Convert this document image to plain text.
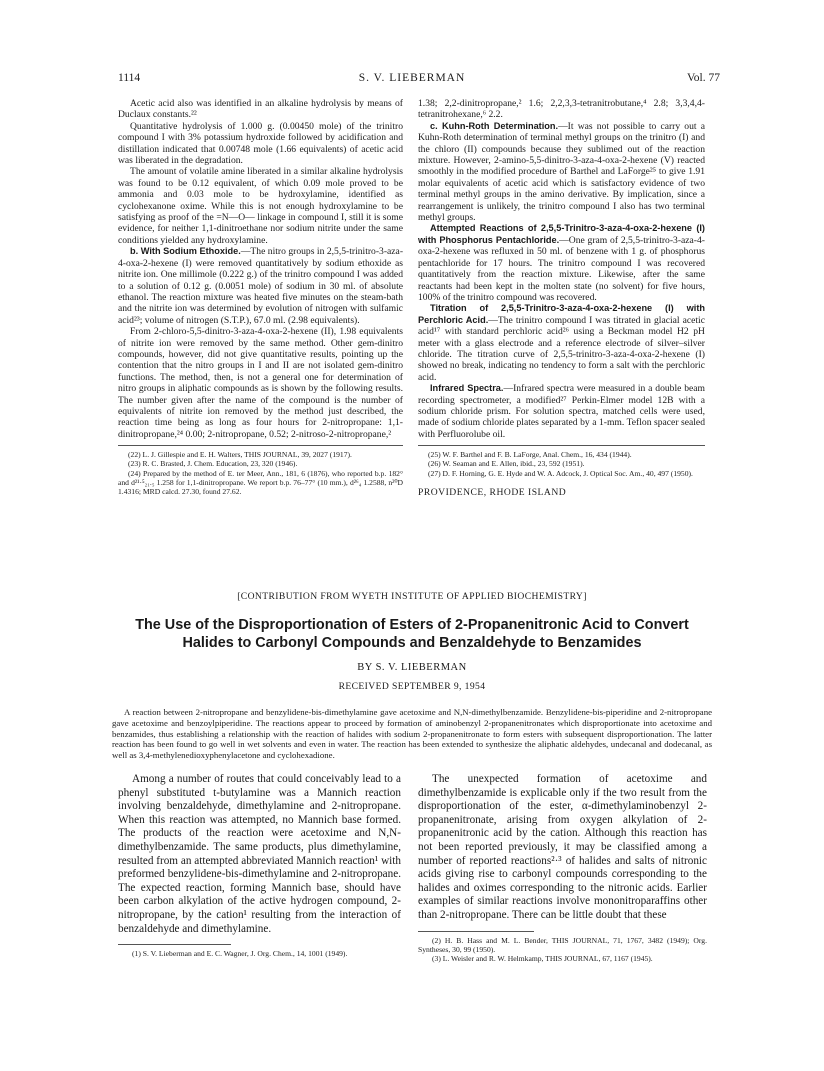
1114	S. V. LIEBERMAN	Vol. 77

Acetic acid also was identified in an alkaline hydrolysis by means of Duclaux constants.²²

Quantitative hydrolysis of 1.000 g. (0.00450 mole) of the trinitro compound I with 3% potassium hydroxide followed by acidification and distillation indicated that 0.00748 mole (1.66 equivalents) of acetic acid was liberated in the degradation.

The amount of volatile amine liberated in a similar alkaline hydrolysis was found to be 0.12 equivalent, of which 0.09 mole proved to be ammonia and 0.03 mole to be hydroxylamine, identified as cyclohexanone oxime. While this is not enough hydroxylamine to be satisfying as proof of the =N—O— linkage in compound I, still it is some evidence, for neither 1,1-dinitroethane nor sodium nitrite under the same conditions yielded any hydroxylamine.

b. With Sodium Ethoxide.—The nitro groups in 2,5,5-trinitro-3-aza-4-oxa-2-hexene (I) were removed quantitatively by sodium ethoxide as nitrite ion. One millimole (0.222 g.) of the trinitro compound I was added to a solution of 0.12 g. (0.0051 mole) of sodium in 30 ml. of absolute ethanol. The reaction mixture was heated five minutes on the steam-bath and the nitrite ion was determined by evolution of nitrogen with sulfamic acid²³; volume of nitrogen (S.T.P.), 67.0 ml. (2.98 equivalents).

From 2-chloro-5,5-dinitro-3-aza-4-oxa-2-hexene (II), 1.98 equivalents of nitrite ion were removed by the same method. Other gem-dinitro compounds, however, did not give quantitative results, pointing up the contention that the nitro groups in I and II are not isolated gem-dinitro functions. The method, then, is not a general one for determination of nitro groups in aliphatic compounds as is shown by the following results. The number given after the name of the compound is the number of equivalents of nitrite ion removed by the method just described, the reaction time being as long as four hours for 2-nitropropane: 1,1-dinitropropane,²⁴ 0.00; 2-nitropropane, 0.52; 2-nitroso-2-nitropropane,²

(22) L. J. Gillespie and E. H. Walters, THIS JOURNAL, 39, 2027 (1917).

(23) R. C. Brasted, J. Chem. Education, 23, 320 (1946).

(24) Prepared by the method of E. ter Meer, Ann., 181, 6 (1876), who reported b.p. 182° and d²¹·⁵₂₁.₅ 1.258 for 1,1-dinitropropane. We report b.p. 76–77° (10 mm.), d²⁶₄ 1.2588, n²⁰D 1.4316; MRD calcd. 27.30, found 27.62.

1.38; 2,2-dinitropropane,² 1.6; 2,2,3,3-tetranitrobutane,⁴ 2.8; 3,3,4,4-tetranitrohexane,⁶ 2.2.

c. Kuhn-Roth Determination.—It was not possible to carry out a Kuhn-Roth determination of terminal methyl groups on the trinitro (I) and the chloro (II) compounds because they sublimed out of the reaction mixture. However, 2-amino-5,5-dinitro-3-aza-4-oxa-2-hexene (V) reacted smoothly in the modified procedure of Barthel and LaForge²⁵ to give 1.91 molar equivalents of acetic acid which is satisfactory evidence of two terminal methyl groups in the amino derivative. By implication, since a rearrangement is unlikely, the trinitro compound I also has two terminal methyl groups.

Attempted Reactions of 2,5,5-Trinitro-3-aza-4-oxa-2-hexene (I) with Phosphorus Pentachloride.—One gram of 2,5,5-trinitro-3-aza-4-oxa-2-hexene was refluxed in 50 ml. of benzene with 1 g. of phosphorus pentachloride for 17 hours. The trinitro compound I was recovered quantitatively from the reaction mixture. Likewise, after the same reactants had been kept in the molten state (no solvent) for five hours, 100% of the trinitro compound was recovered.

Titration of 2,5,5-Trinitro-3-aza-4-oxa-2-hexene (I) with Perchloric Acid.—The trinitro compound I was titrated in glacial acetic acid¹⁷ with standard perchloric acid²⁶ using a Beckman model H2 pH meter with a glass electrode and a reference electrode of silver–silver chloride. The titration curve of 2,5,5-trinitro-3-aza-4-oxa-2-hexene (I) showed no break, indicating no tendency to form a salt with the perchloric acid.

Infrared Spectra.—Infrared spectra were measured in a double beam recording spectrometer, a modified²⁷ Perkin-Elmer model 12B with a sodium chloride prism. For solution spectra, matched cells were used, made of sodium chloride plates separated by a 1-mm. Teflon spacer sealed with Perfluorolube oil.

(25) W. F. Barthel and F. B. LaForge, Anal. Chem., 16, 434 (1944).

(26) W. Seaman and E. Allen, ibid., 23, 592 (1951).

(27) D. F. Horning, G. E. Hyde and W. A. Adcock, J. Optical Soc. Am., 40, 497 (1950).

PROVIDENCE, RHODE ISLAND
[CONTRIBUTION FROM WYETH INSTITUTE OF APPLIED BIOCHEMISTRY]
The Use of the Disproportionation of Esters of 2-Propanenitronic Acid to Convert Halides to Carbonyl Compounds and Benzaldehyde to Benzamides
BY S. V. LIEBERMAN
RECEIVED SEPTEMBER 9, 1954

A reaction between 2-nitropropane and benzylidene-bis-dimethylamine gave acetoxime and N,N-dimethylbenzamide. Benzylidene-bis-piperidine and 2-nitropropane gave acetoxime and benzoylpiperidine. The reactions appear to proceed by formation of aminobenzyl 2-propanenitronates which disproportionate into acetoxime and benzamides, thus establishing a relationship with the reaction of halides with sodium 2-propanenitronate to form esters with subsequent disproportionation. The latter reaction has been found to go well in wet solvents and even in water. The reaction has been extended to synthesize the aliphatic aldehydes, undecanal and dodecanal, as well as 3,4-methylenedioxyphenylacetone and cyclohexadione.

Among a number of routes that could conceivably lead to a phenyl substituted t-butylamine was a Mannich reaction involving benzaldehyde, dimethylamine and 2-nitropropane. When this reaction was attempted, no Mannich base formed. The products of the reaction were acetoxime and N,N-dimethylbenzamide. The same products, plus dimethylamine, resulted from an attempted abbreviated Mannich reaction¹ with preformed benzylidene-bis-dimethylamine and 2-nitropropane. The expected reaction, forming Mannich base, should have been carbon alkylation of the active hydrogen compound, 2-nitropropane, by the cation¹ resulting from the interaction of benzaldehyde and dimethylamine.

(1) S. V. Lieberman and E. C. Wagner, J. Org. Chem., 14, 1001 (1949).

The unexpected formation of acetoxime and dimethylbenzamide is explicable only if the two result from the disproportionation of the ester, α-dimethylaminobenzyl 2-propanenitronate, arising from oxygen alkylation of 2-propanenitronic acid by the cation. Although this reaction has not been reported previously, it may be classified among a number of reported reactions²·³ of halides and salts of nitronic acids giving rise to carbonyl compounds corresponding to the halides and oximes corresponding to the nitronic acids. Earlier examples of similar reactions involve mononitroparaffins other than 2-nitropropane. There can be little doubt that these

(2) H. B. Hass and M. L. Bender, THIS JOURNAL, 71, 1767, 3482 (1949); Org. Syntheses, 30, 99 (1950).

(3) L. Weisler and R. W. Helmkamp, THIS JOURNAL, 67, 1167 (1945).
